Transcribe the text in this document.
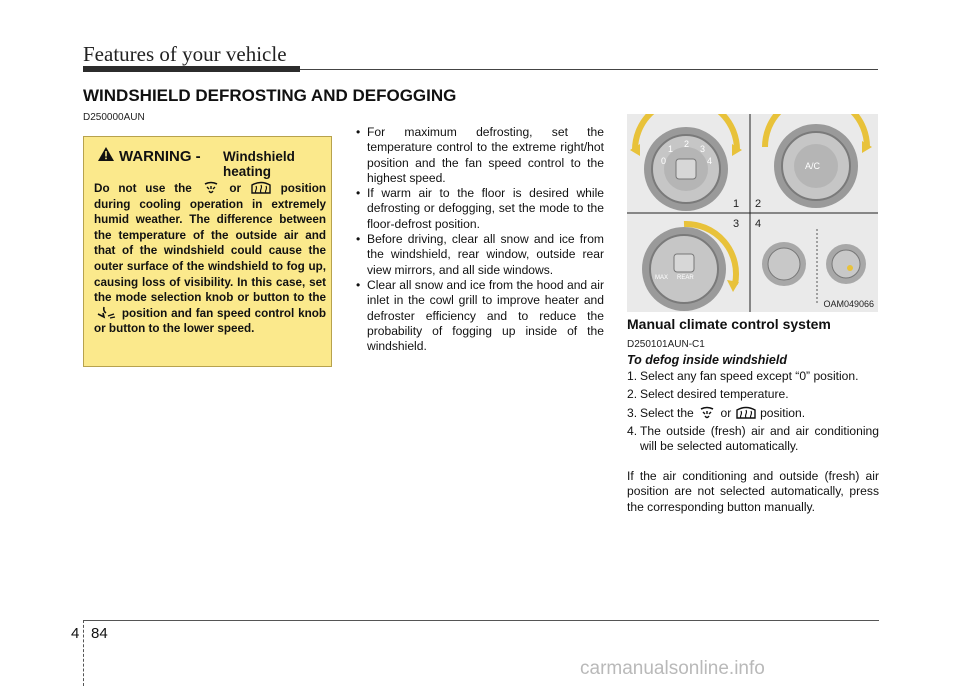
Features of your vehicle
WINDSHIELD DEFROSTING AND DEFOGGING
D250000AUN
WARNING - Windshield heating
Do not use the	or	position during cooling operation in extremely humid weather. The difference between the temperature of the outside air and that of the windshield could cause the outer surface of the windshield to fog up, causing loss of visibility. In this case, set the mode selection knob or button to the  position and fan speed control knob or button to the lower speed.
• For maximum defrosting, set the temperature control to the extreme right/hot position and the fan speed control to the highest speed.
• If warm air to the floor is desired while defrosting or defogging, set the mode to the floor-defrost position.
• Before driving, clear all snow and ice from the windshield, rear window, outside rear view mirrors, and all side windows.
• Clear all snow and ice from the hood and air inlet in the cowl grill to improve heater and defroster efficiency and to reduce the probability of fogging up inside of the windshield.
0
1 2 3
4	A/C
1 2
3 4
REAR
MAX
OAM049066
Manual climate control system
D250101AUN-C1
To defog inside windshield
1. Select any fan speed except “0” position.
2. Select desired temperature.
3. Select the or position.
4. The outside (fresh) air and air conditioning will be selected automatically.
If the air conditioning and outside (fresh) air position are not selected automatically, press the corresponding button manually.
4 84
carmanualsonline.info
